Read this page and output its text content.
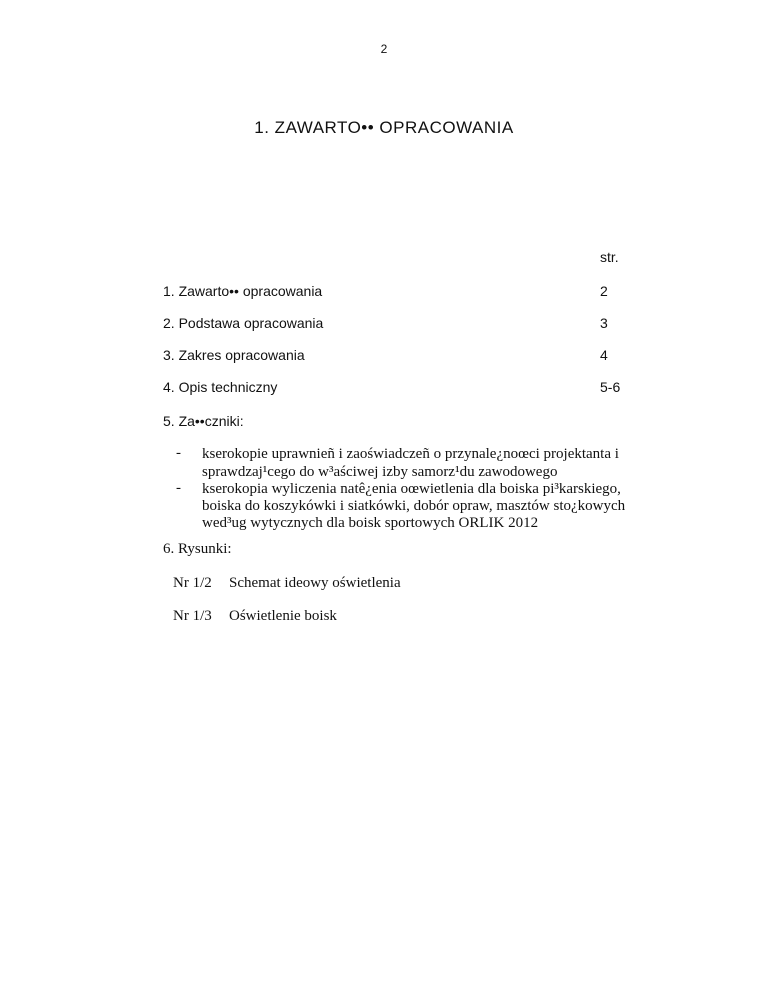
2
1. ZAWARTO•• OPRACOWANIA
str.
1. Zawarto•• opracowania	2
2. Podstawa opracowania	3
3. Zakres opracowania	4
4. Opis techniczny	5-6
5. Za••czniki:
- kserokopie uprawnieñ i zaoświadczeñ o przynale¿noœci projektanta i
sprawdzaj¹cego do w³aściwej izby samorz¹du zawodowego
- kserokopia wyliczenia natê¿enia oœwietlenia dla boiska pi³karskiego,
boiska do koszykówki i siatkówki, dobór opraw, masztów sto¿kowych
wed³ug wytycznych dla boisk sportowych ORLIK 2012
6. Rysunki:
Nr 1/2 Schemat ideowy oświetlenia
Nr 1/3 Oświetlenie boisk
